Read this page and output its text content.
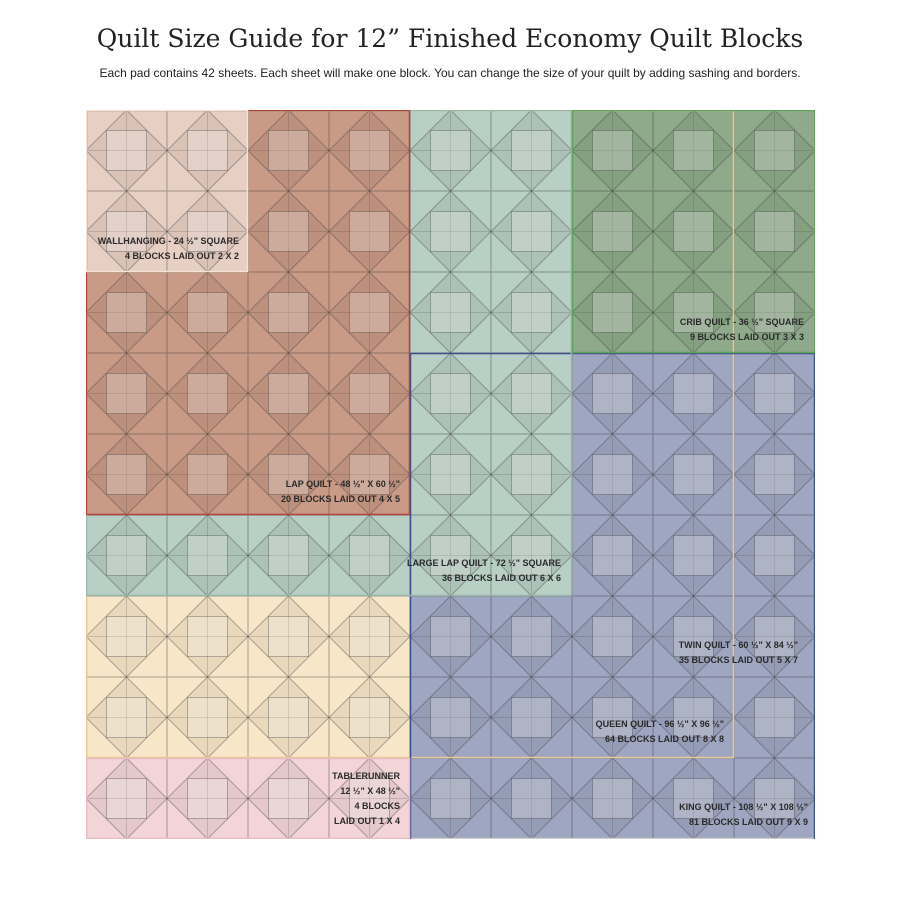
Quilt Size Guide for 12” Finished Economy Quilt Blocks
Each pad contains 42 sheets. Each sheet will make one block. You can change the size of your quilt by adding sashing and borders.
KING QUILT - 108 ½" X 108 ½"
81 BLOCKS LAID OUT 9 X 9
QUEEN QUILT - 96 ½" X 96 ½"
64 BLOCKS LAID OUT 8 X 8
TWIN QUILT - 60 ½" X 84 ½"
35 BLOCKS LAID OUT 5 X 7
LARGE LAP QUILT - 72 ½" SQUARE
36 BLOCKS LAID OUT 6 X 6
CRIB QUILT - 36 ½" SQUARE
9 BLOCKS LAID OUT 3 X 3
LAP QUILT - 48 ½" X 60 ½"
20 BLOCKS LAID OUT 4 X 5
WALLHANGING - 24 ½" SQUARE
4 BLOCKS LAID OUT 2 X 2
TABLERUNNER
12 ½" X 48 ½"
4 BLOCKS
LAID OUT 1 X 4
